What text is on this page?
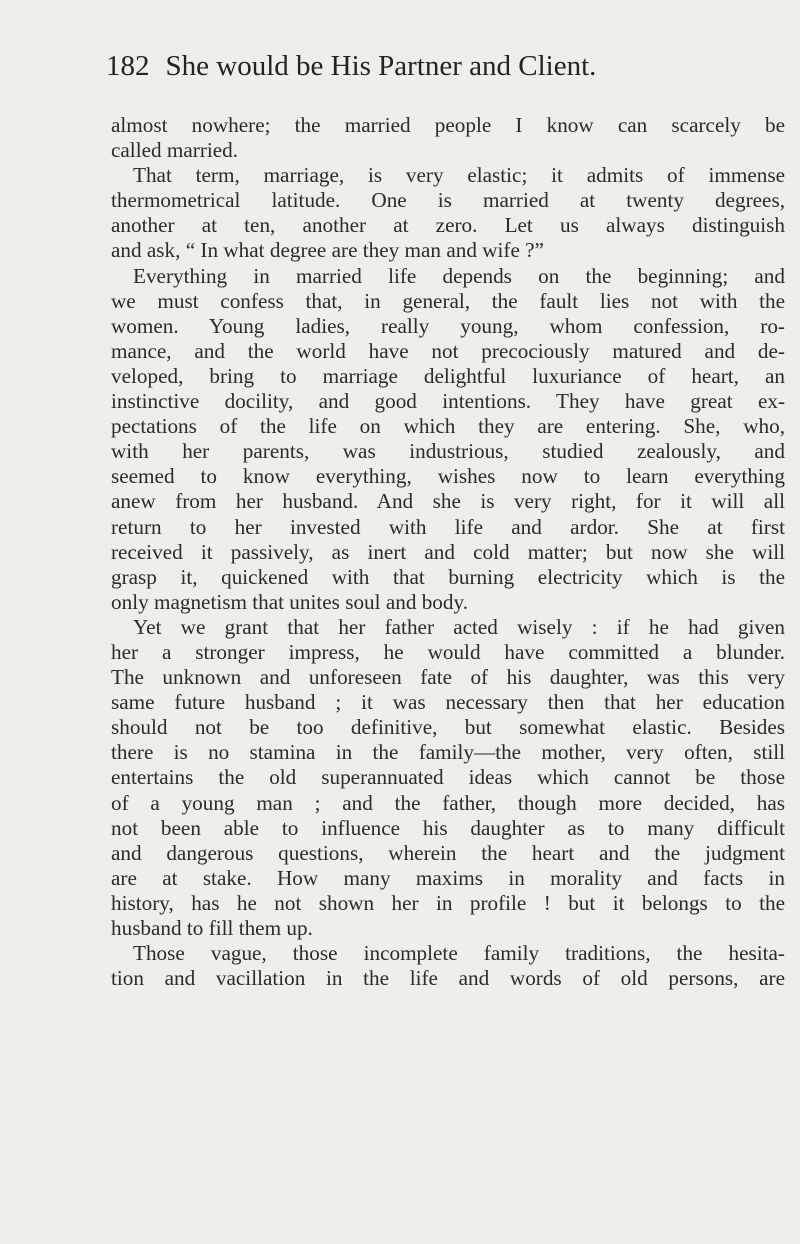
182 She would be His Partner and Client.
almost nowhere; the married people I know can scarcely be
called married.
That term, marriage, is very elastic; it admits of immense
thermometrical latitude. One is married at twenty degrees,
another at ten, another at zero. Let us always distinguish
and ask, “ In what degree are they man and wife ?”
Everything in married life depends on the beginning; and
we must confess that, in general, the fault lies not with the
women. Young ladies, really young, whom confession, ro-
mance, and the world have not precociously matured and de-
veloped, bring to marriage delightful luxuriance of heart, an
instinctive docility, and good intentions. They have great ex-
pectations of the life on which they are entering. She, who,
with her parents, was industrious, studied zealously, and
seemed to know everything, wishes now to learn everything
anew from her husband. And she is very right, for it will all
return to her invested with life and ardor. She at first
received it passively, as inert and cold matter; but now she will
grasp it, quickened with that burning electricity which is the
only magnetism that unites soul and body.
Yet we grant that her father acted wisely : if he had given
her a stronger impress, he would have committed a blunder.
The unknown and unforeseen fate of his daughter, was this very
same future husband ; it was necessary then that her education
should not be too definitive, but somewhat elastic. Besides
there is no stamina in the family—the mother, very often, still
entertains the old superannuated ideas which cannot be those
of a young man ; and the father, though more decided, has
not been able to influence his daughter as to many difficult
and dangerous questions, wherein the heart and the judgment
are at stake. How many maxims in morality and facts in
history, has he not shown her in profile ! but it belongs to the
husband to fill them up.
Those vague, those incomplete family traditions, the hesita-
tion and vacillation in the life and words of old persons, are
